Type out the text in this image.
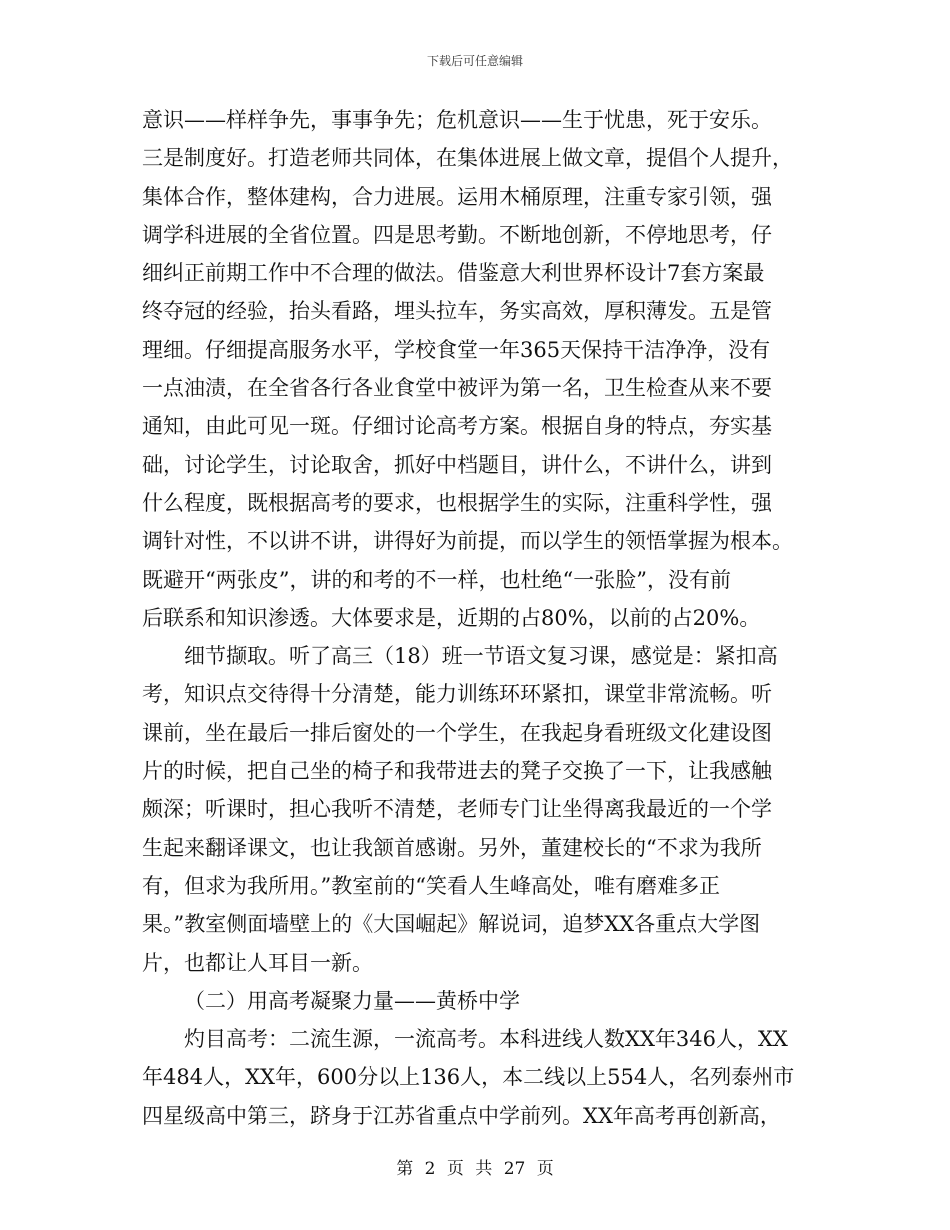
下载后可任意编辑
意识——样样争先，事事争先；危机意识——生于忧患，死于安乐。
三是制度好。打造老师共同体，在集体进展上做文章，提倡个人提升，
集体合作，整体建构，合力进展。运用木桶原理，注重专家引领，强
调学科进展的全省位置。四是思考勤。不断地创新，不停地思考，仔
细纠正前期工作中不合理的做法。借鉴意大利世界杯设计7套方案最
终夺冠的经验，抬头看路，埋头拉车，务实高效，厚积薄发。五是管
理细。仔细提高服务水平，学校食堂一年365天保持干洁净净，没有
一点油渍，在全省各行各业食堂中被评为第一名，卫生检查从来不要
通知，由此可见一斑。仔细讨论高考方案。根据自身的特点，夯实基
础，讨论学生，讨论取舍，抓好中档题目，讲什么，不讲什么，讲到
什么程度，既根据高考的要求，也根据学生的实际，注重科学性，强
调针对性，不以讲不讲，讲得好为前提，而以学生的领悟掌握为根本。
既避开“两张皮”，讲的和考的不一样，也杜绝“一张脸”，没有前
后联系和知识渗透。大体要求是，近期的占80%，以前的占20%。
细节撷取。听了高三（18）班一节语文复习课，感觉是：紧扣高
考，知识点交待得十分清楚，能力训练环环紧扣，课堂非常流畅。听
课前，坐在最后一排后窗处的一个学生，在我起身看班级文化建设图
片的时候，把自己坐的椅子和我带进去的凳子交换了一下，让我感触
颇深；听课时，担心我听不清楚，老师专门让坐得离我最近的一个学
生起来翻译课文，也让我颔首感谢。另外，董建校长的“不求为我所
有，但求为我所用。”教室前的“笑看人生峰高处，唯有磨难多正
果。”教室侧面墙壁上的《大国崛起》解说词，追梦XX各重点大学图
片，也都让人耳目一新。
（二）用高考凝聚力量——黄桥中学
灼目高考：二流生源，一流高考。本科进线人数XX年346人，XX
年484人，XX年，600分以上136人，本二线以上554人，名列泰州市
四星级高中第三，跻身于江苏省重点中学前列。XX年高考再创新高，
第 2 页 共 27 页
